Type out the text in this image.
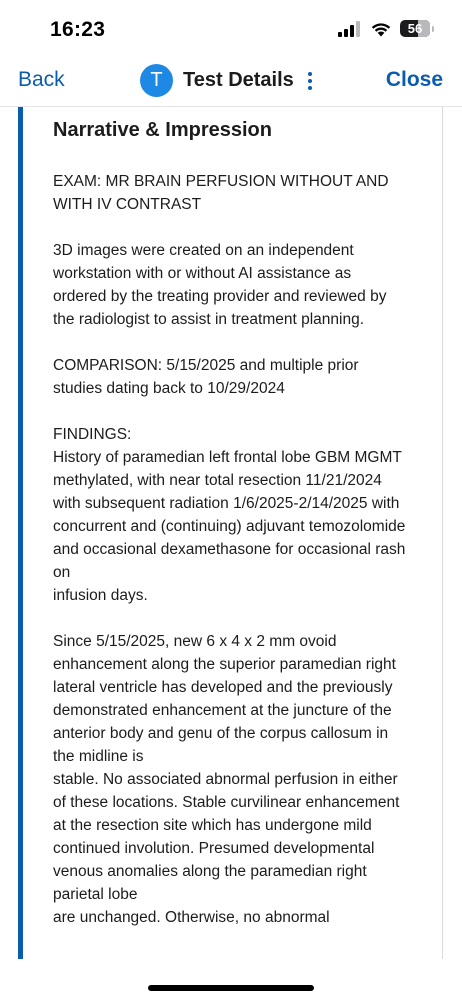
16:23	56
Back	T	Test Details	Close
Narrative & Impression

EXAM: MR BRAIN PERFUSION WITHOUT AND
WITH IV CONTRAST

3D images were created on an independent
workstation with or without AI assistance as
ordered by the treating provider and reviewed by
the radiologist to assist in treatment planning.

COMPARISON: 5/15/2025 and multiple prior
studies dating back to 10/29/2024

FINDINGS:
History of paramedian left frontal lobe GBM MGMT
methylated, with near total resection 11/21/2024
with subsequent radiation 1/6/2025-2/14/2025 with
concurrent and (continuing) adjuvant temozolomide
and occasional dexamethasone for occasional rash
on
infusion days.

Since 5/15/2025, new 6 x 4 x 2 mm ovoid
enhancement along the superior paramedian right
lateral ventricle has developed and the previously
demonstrated enhancement at the juncture of the
anterior body and genu of the corpus callosum in
the midline is
stable. No associated abnormal perfusion in either
of these locations. Stable curvilinear enhancement
at the resection site which has undergone mild
continued involution. Presumed developmental
venous anomalies along the paramedian right
parietal lobe
are unchanged. Otherwise, no abnormal
